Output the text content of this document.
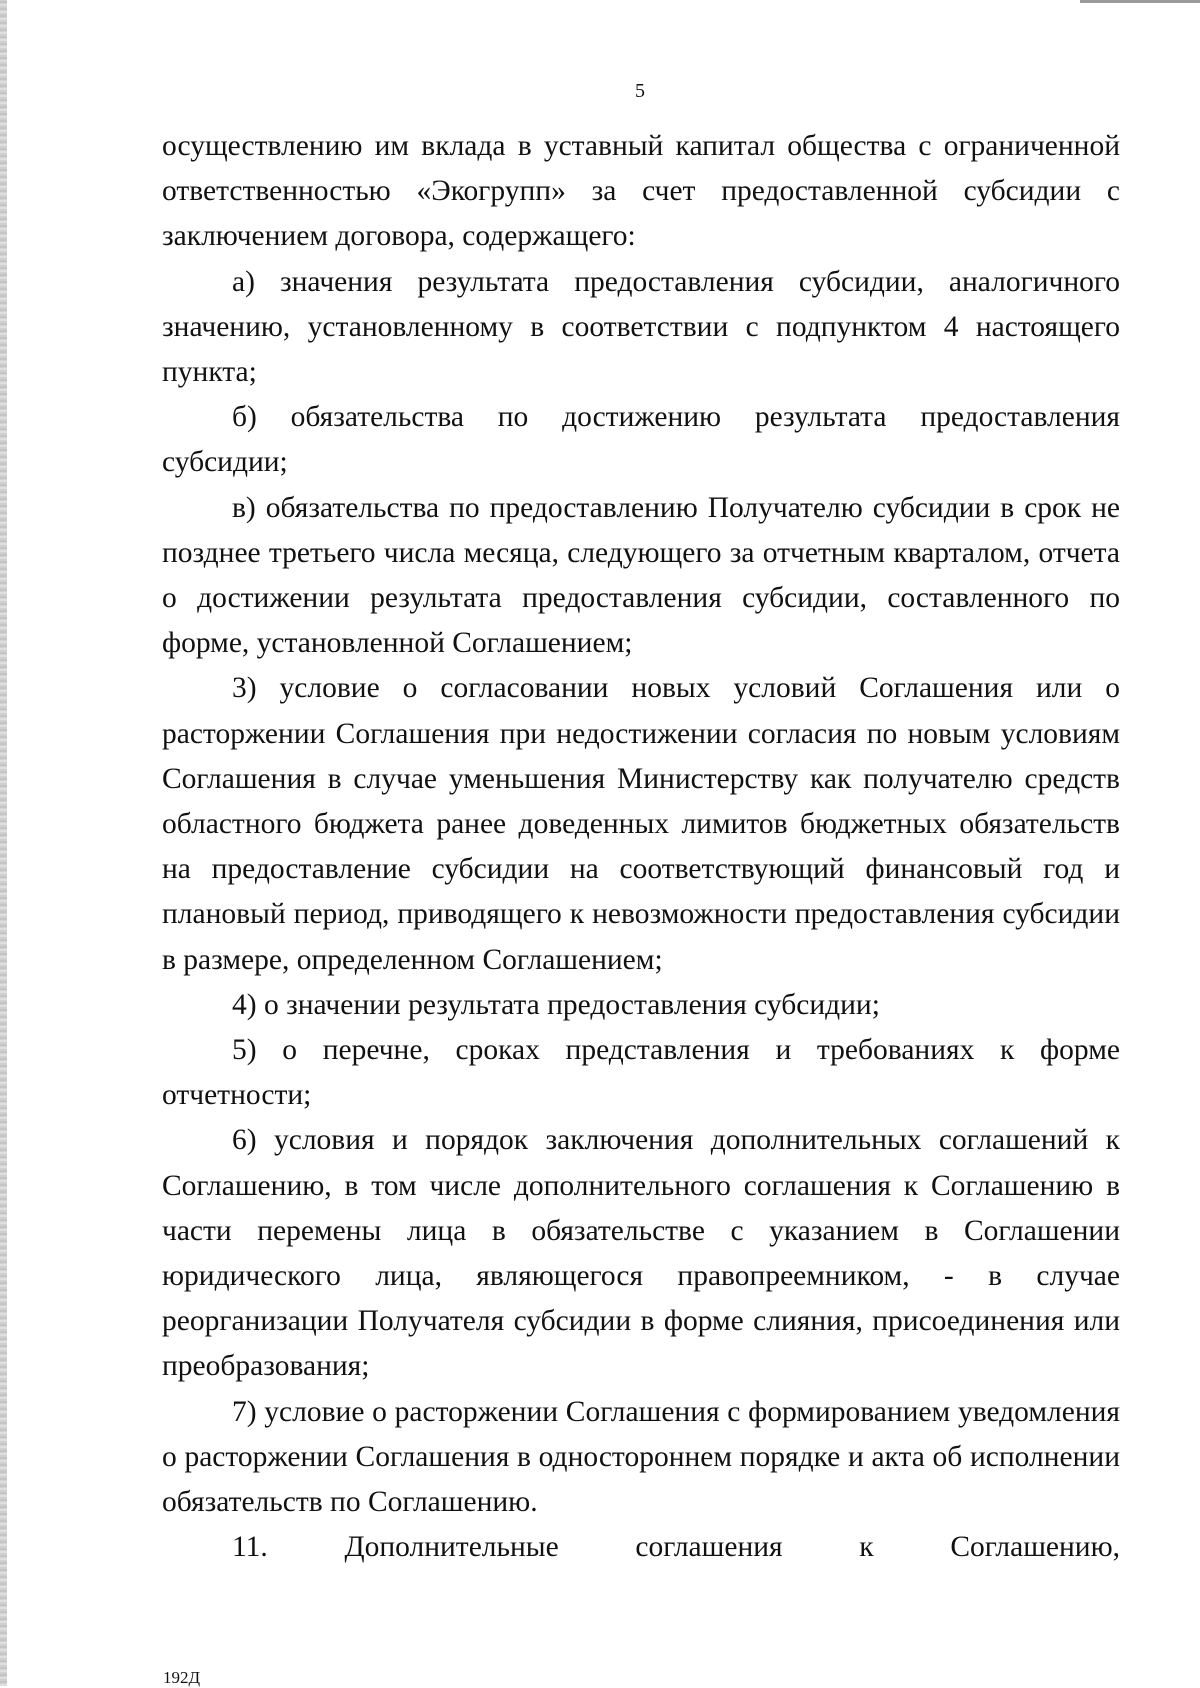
5

осуществлению им вклада в уставный капитал общества с ограниченной ответственностью «Экогрупп» за счет предоставленной субсидии с заключением договора, содержащего:

а) значения результата предоставления субсидии, аналогичного значению, установленному в соответствии с подпунктом 4 настоящего пункта;

б) обязательства по достижению результата предоставления субсидии;

в) обязательства по предоставлению Получателю субсидии в срок не позднее третьего числа месяца, следующего за отчетным кварталом, отчета о достижении результата предоставления субсидии, составленного по форме, установленной Соглашением;

3) условие о согласовании новых условий Соглашения или о расторжении Соглашения при недостижении согласия по новым условиям Соглашения в случае уменьшения Министерству как получателю средств областного бюджета ранее доведенных лимитов бюджетных обязательств на предоставление субсидии на соответствующий финансовый год и плановый период, приводящего к невозможности предоставления субсидии в размере, определенном Соглашением;

4) о значении результата предоставления субсидии;

5) о перечне, сроках представления и требованиях к форме отчетности;

6) условия и порядок заключения дополнительных соглашений к Соглашению, в том числе дополнительного соглашения к Соглашению в части перемены лица в обязательстве с указанием в Соглашении юридического лица, являющегося правопреемником, - в случае реорганизации Получателя субсидии в форме слияния, присоединения или преобразования;

7) условие о расторжении Соглашения с формированием уведомления о расторжении Соглашения в одностороннем порядке и акта об исполнении обязательств по Соглашению.

11. Дополнительные соглашения к Соглашению,

192Д
